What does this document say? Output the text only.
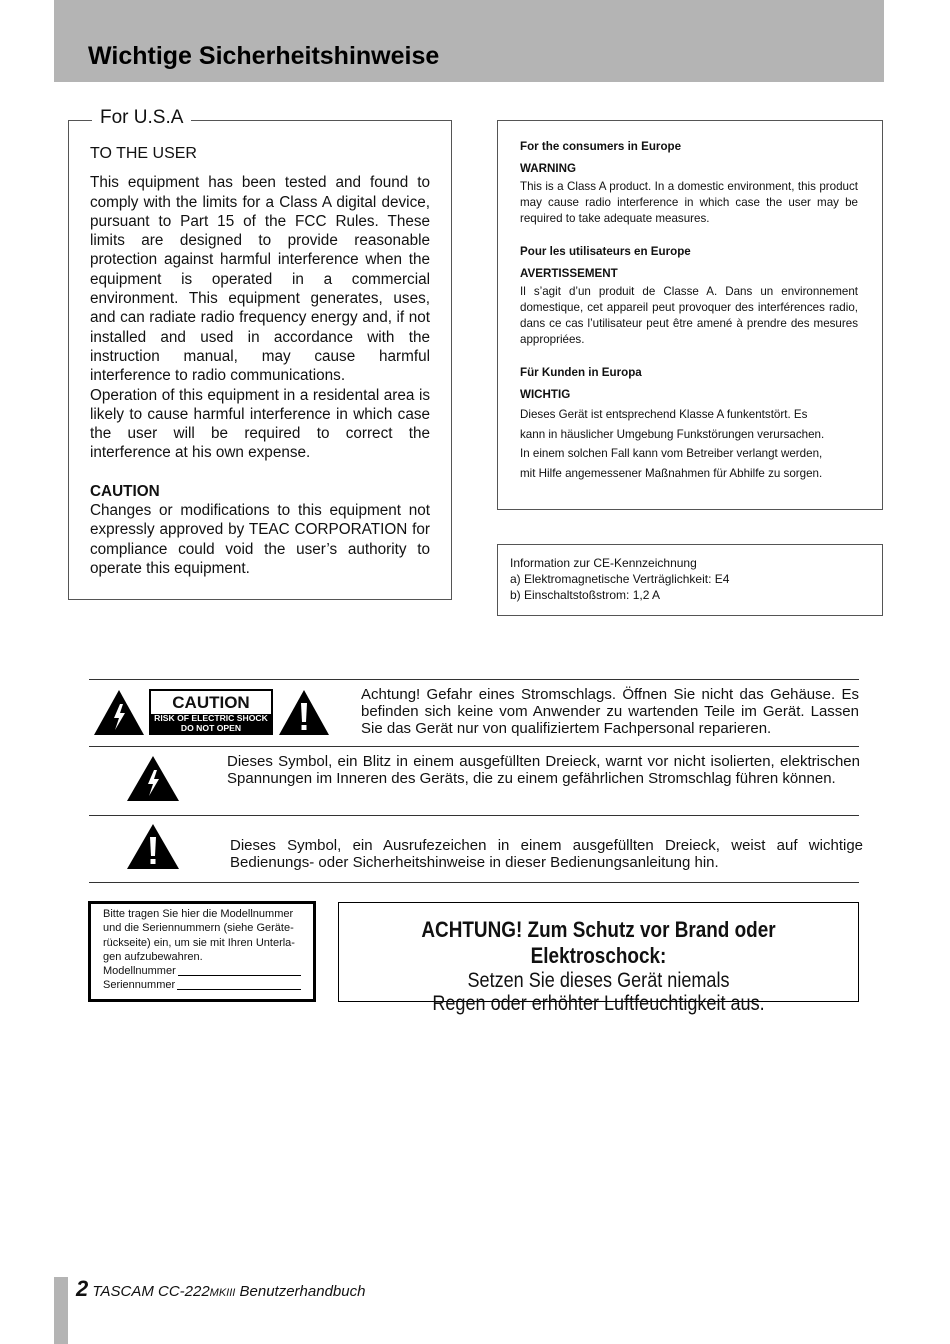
Wichtige Sicherheitshinweise
For U.S.A

TO THE USER

This equipment has been tested and found to comply with the limits for a Class A digital device, pursuant to Part 15 of the FCC Rules. These limits are designed to provide reasonable protection against harmful interference when the equipment is operated in a commercial environment. This equipment generates, uses, and can radiate radio frequency energy and, if not installed and used in accordance with the instruction manual, may cause harmful interference to radio communications.

Operation of this equipment in a residental area is likely to cause harmful interference in which case the user will be required to correct the interference at his own expense.

CAUTION

Changes or modifications to this equipment not expressly approved by TEAC CORPORATION for compliance could void the user’s authority to operate this equipment.

For the consumers in Europe

WARNING

This is a Class A product. In a domestic environment, this product may cause radio interference in which case the user may be required to take adequate measures.

Pour les utilisateurs en Europe

AVERTISSEMENT

Il s’agit d’un produit de Classe A. Dans un environnement domestique, cet appareil peut provoquer des interférences radio, dans ce cas l’utilisateur peut être amené à prendre des mesures appropriées.

Für Kunden in Europa

WICHTIG

Dieses Gerät ist entsprechend Klasse A funkentstört. Es

kann in häuslicher Umgebung Funkstörungen verursachen.

In einem solchen Fall kann vom Betreiber verlangt werden,

mit Hilfe angemessener Maßnahmen für Abhilfe zu sorgen.

Information zur CE-Kennzeichnung
a) Elektromagnetische Verträglichkeit: E4
b) Einschaltstoßstrom: 1,2 A
CAUTION
RISK OF ELECTRIC SHOCK
DO NOT OPEN
Achtung! Gefahr eines Stromschlags. Öffnen Sie nicht das Gehäuse. Es befinden sich keine vom Anwender zu wartenden Teile im Gerät. Lassen Sie das Gerät nur von qualifiziertem Fachpersonal reparieren.
Dieses Symbol, ein Blitz in einem ausgefüllten Dreieck, warnt vor nicht isolierten, elektrischen Spannungen im Inneren des Geräts, die zu einem gefährlichen Stromschlag führen können.
Dieses Symbol, ein Ausrufezeichen in einem ausgefüllten Dreieck, weist auf wichtige Bedienungs- oder Sicherheitshinweise in dieser Bedienungsanleitung hin.
Bitte tragen Sie hier die Modellnummer
und die Seriennummern (siehe Geräte-
rückseite) ein, um sie mit Ihren Unterla-
gen aufzubewahren.
Modellnummer
Seriennummer
ACHTUNG! Zum Schutz vor Brand oder Elektroschock:
Setzen Sie dieses Gerät niemals
Regen oder erhöhter Luftfeuchtigkeit aus.
2 TASCAM CC-222MKIII Benutzerhandbuch
